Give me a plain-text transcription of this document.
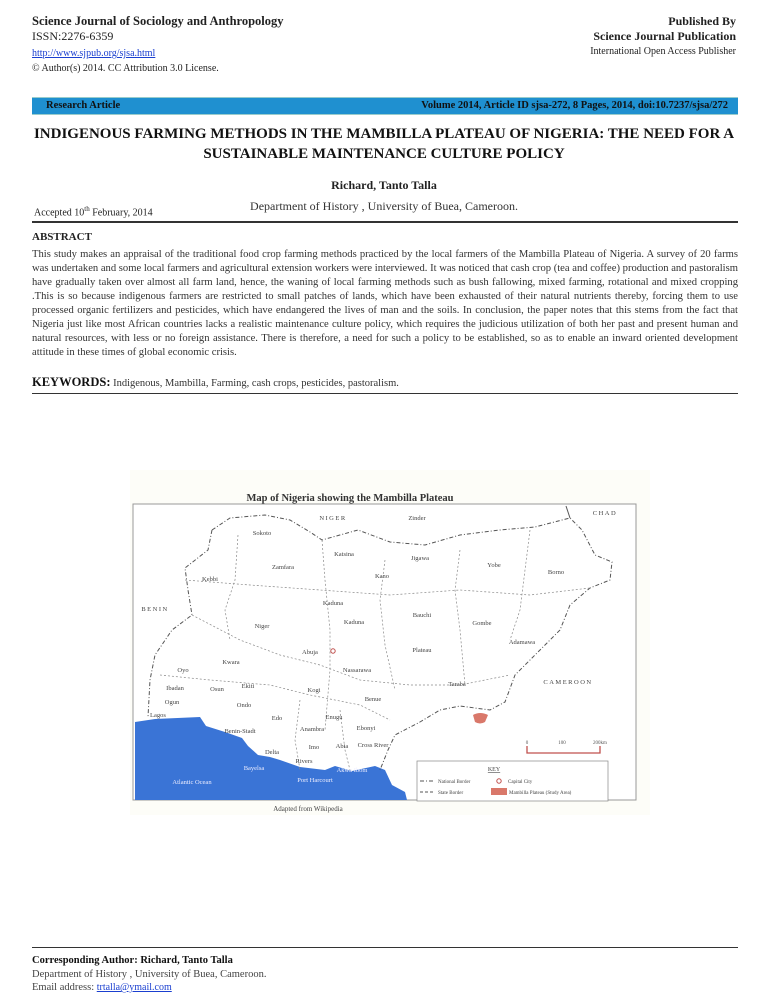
Science Journal of Sociology and Anthropology
ISSN:2276-6359
http://www.sjpub.org/sjsa.html
© Author(s) 2014. CC Attribution 3.0 License.
Published By
Science Journal Publication
International Open Access Publisher
Research Article	Volume 2014, Article ID sjsa-272, 8 Pages, 2014, doi:10.7237/sjsa/272
INDIGENOUS FARMING METHODS IN THE MAMBILLA PLATEAU OF NIGERIA: THE NEED FOR A SUSTAINABLE MAINTENANCE CULTURE POLICY
Richard, Tanto Talla
Department of History , University of Buea, Cameroon.
Accepted 10th February, 2014
ABSTRACT
This study makes an appraisal of the traditional food crop farming methods practiced by the local farmers of the Mambilla Plateau of Nigeria. A survey of 20 farms was undertaken and some local farmers and agricultural extension workers were interviewed. It was noticed that cash crop (tea and coffee) production and pastoralism have gradually taken over almost all farm land, hence, the waning of local farming methods such as bush fallowing, mixed farming, rotational and mixed cropping .This is so because indigenous farmers are restricted to small patches of lands, which have been exhausted of their natural nutrients thereby, forcing them to use processed organic fertilizers and pesticides, which have endangered the lives of man and the soils. In conclusion, the paper notes that this stems from the fact that Nigeria just like most African countries lacks a realistic maintenance culture policy, which requires the judicious utilization of both her past and present human and natural resources, with less or no foreign assistance. There is therefore, a need for such a policy to be established, so as to enable an inward oriented development attitude in these times of global economic crisis.
KEYWORDS: Indigenous, Mambilla, Farming, cash crops, pesticides, pastoralism.
Map of Nigeria showing the Mambilla Plateau
NIGER
CHAD
BENIN
CAMEROON
Zinder
Sokoto
Katsina
Jigawa
Yobe
Borno
Zamfara
Kano
Kebbi
Kaduna
Kaduna
Bauchi
Gombe
Niger
Adamawa
Abuja	Plateau
Kwara
Nassarawa
Oyo
Taraba
Ibadan	Osun	Ekiti
Kogi
Benue
Ogun	Ondo
Lagos	Edo	Enugu
Anambra	Ebonyi
Benin-Stadt
Delta
Imo	Abia Cross River
Rivers
Bayelsa	Akwa Ibom
Port Harcourt
Atlantic Ocean
0	100	200km
KEY
National Border
State Border
Capital City
Mambilla Plateau (Study Area)
Adapted from Wikipedia
Corresponding Author: Richard, Tanto Talla
Department of History , University of Buea, Cameroon.
Email address: trtalla@ymail.com
